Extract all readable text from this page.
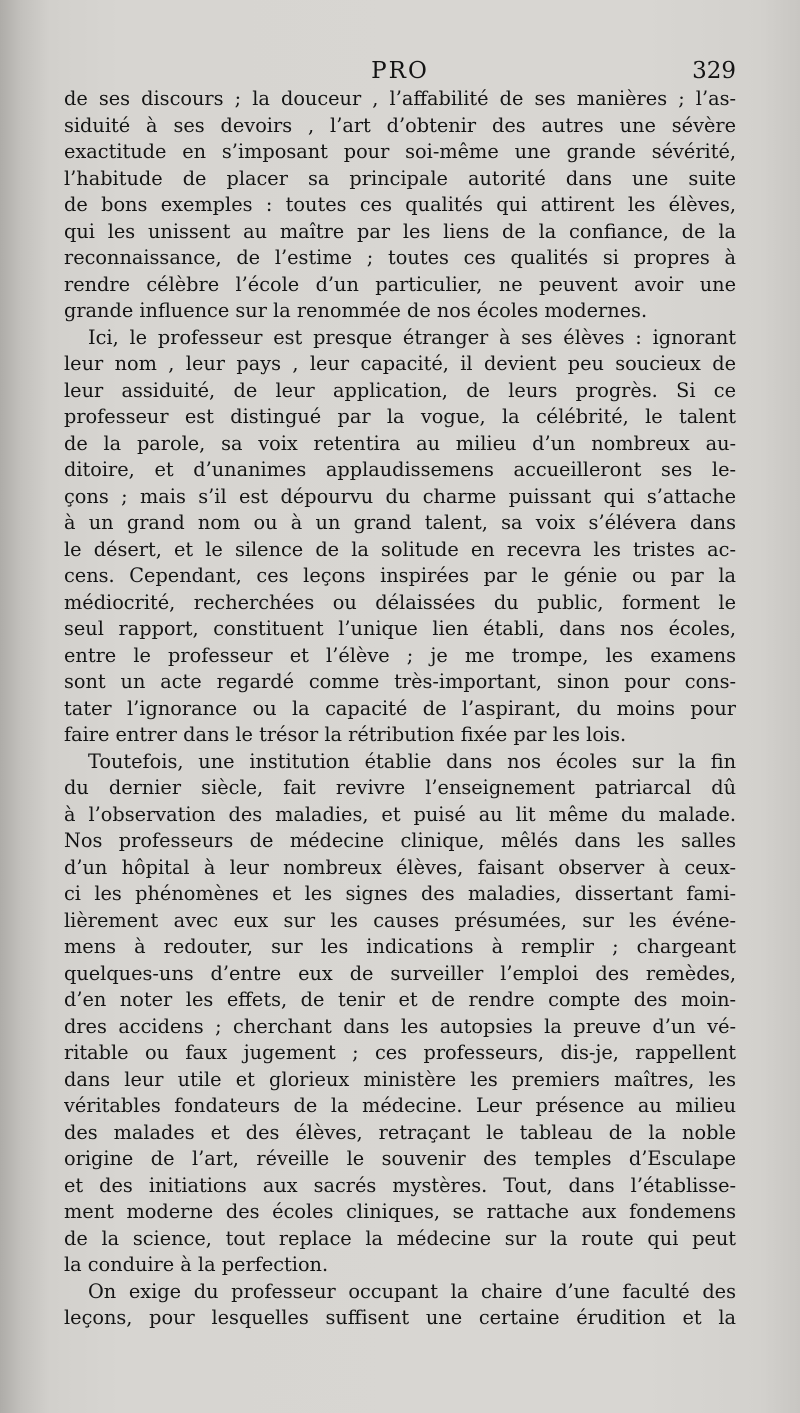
PRO	329
de ses discours ; la douceur , l’affabilité de ses manières ; l’as-
siduité à ses devoirs , l’art d’obtenir des autres une sévère
exactitude en s’imposant pour soi-même une grande sévérité,
l’habitude de placer sa principale autorité dans une suite
de bons exemples : toutes ces qualités qui attirent les élèves,
qui les unissent au maître par les liens de la confiance, de la
reconnaissance, de l’estime ; toutes ces qualités si propres à
rendre célèbre l’école d’un particulier, ne peuvent avoir une
grande influence sur la renommée de nos écoles modernes.
Ici, le professeur est presque étranger à ses élèves : ignorant
leur nom , leur pays , leur capacité, il devient peu soucieux de
leur assiduité, de leur application, de leurs progrès. Si ce
professeur est distingué par la vogue, la célébrité, le talent
de la parole, sa voix retentira au milieu d’un nombreux au-
ditoire, et d’unanimes applaudissemens accueilleront ses le-
çons ; mais s’il est dépourvu du charme puissant qui s’attache
à un grand nom ou à un grand talent, sa voix s’élévera dans
le désert, et le silence de la solitude en recevra les tristes ac-
cens. Cependant, ces leçons inspirées par le génie ou par la
médiocrité, recherchées ou délaissées du public, forment le
seul rapport, constituent l’unique lien établi, dans nos écoles,
entre le professeur et l’élève ; je me trompe, les examens
sont un acte regardé comme très-important, sinon pour cons-
tater l’ignorance ou la capacité de l’aspirant, du moins pour
faire entrer dans le trésor la rétribution fixée par les lois.
Toutefois, une institution établie dans nos écoles sur la fin
du dernier siècle, fait revivre l’enseignement patriarcal dû
à l’observation des maladies, et puisé au lit même du malade.
Nos professeurs de médecine clinique, mêlés dans les salles
d’un hôpital à leur nombreux élèves, faisant observer à ceux-
ci les phénomènes et les signes des maladies, dissertant fami-
lièrement avec eux sur les causes présumées, sur les événe-
mens à redouter, sur les indications à remplir ; chargeant
quelques-uns d’entre eux de surveiller l’emploi des remèdes,
d’en noter les effets, de tenir et de rendre compte des moin-
dres accidens ; cherchant dans les autopsies la preuve d’un vé-
ritable ou faux jugement ; ces professeurs, dis-je, rappellent
dans leur utile et glorieux ministère les premiers maîtres, les
véritables fondateurs de la médecine. Leur présence au milieu
des malades et des élèves, retraçant le tableau de la noble
origine de l’art, réveille le souvenir des temples d’Esculape
et des initiations aux sacrés mystères. Tout, dans l’établisse-
ment moderne des écoles cliniques, se rattache aux fondemens
de la science, tout replace la médecine sur la route qui peut
la conduire à la perfection.
On exige du professeur occupant la chaire d’une faculté des
leçons, pour lesquelles suffisent une certaine érudition et la
